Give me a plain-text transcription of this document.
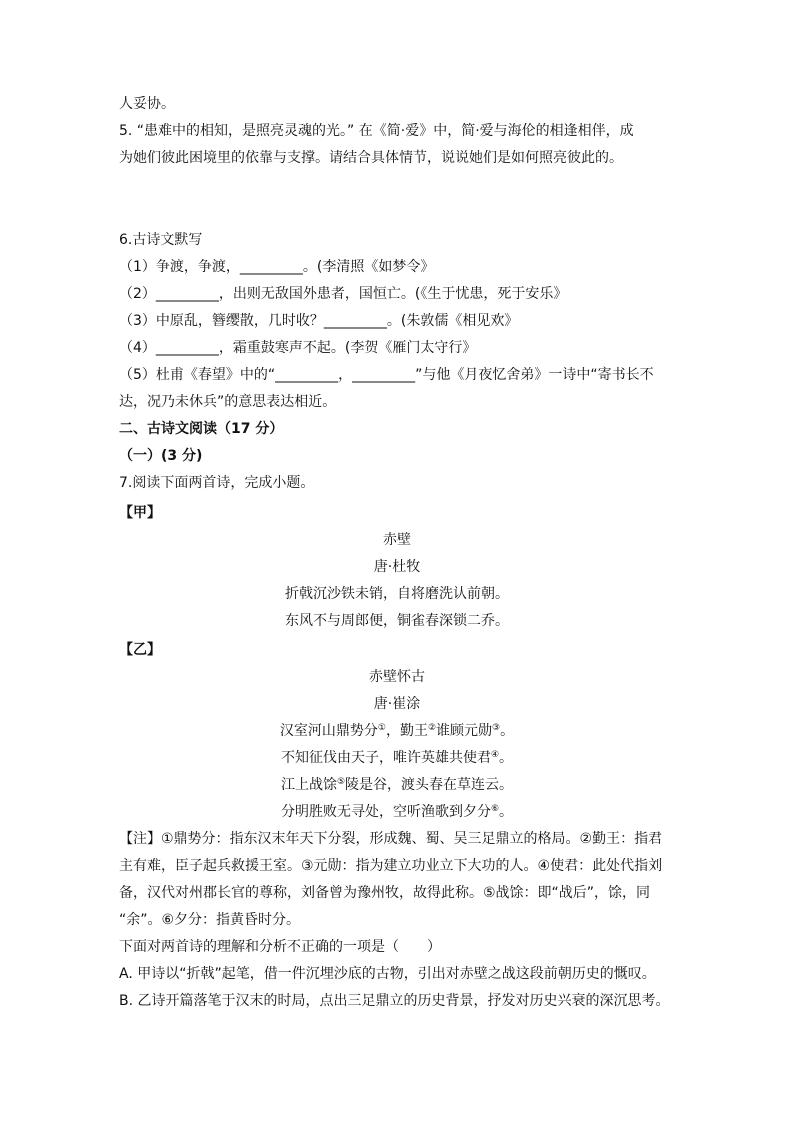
人妥协。
5. “患难中的相知，是照亮灵魂的光。” 在《简·爱》中，简·爱与海伦的相逢相伴，成
为她们彼此困境里的依靠与支撑。请结合具体情节，说说她们是如何照亮彼此的。
6.古诗文默写
（1）争渡，争渡，_________。(李清照《如梦令》
（2）_________，出则无敌国外患者，国恒亡。(《生于忧患，死于安乐》
（3）中原乱，簪缨散，几时收？_________。(朱敦儒《相见欢》
（4）_________，霜重鼓寒声不起。(李贺《雁门太守行》
（5）杜甫《春望》中的“_________，_________”与他《月夜忆舍弟》一诗中“寄书长不
达，况乃未休兵”的意思表达相近。
二、古诗文阅读（17 分）
（一）(3 分)
7.阅读下面两首诗，完成小题。
【甲】
赤壁
唐·杜牧
折戟沉沙铁未销，自将磨洗认前朝。
东风不与周郎便，铜雀春深锁二乔。
【乙】
赤壁怀古
唐·崔涂
汉室河山鼎势分①，勤王②谁顾元勋③。
不知征伐由天子，唯许英雄共使君④。
江上战馀⑤陵是谷，渡头春在草连云。
分明胜败无寻处，空听渔歌到夕分⑥。
【注】①鼎势分：指东汉末年天下分裂，形成魏、蜀、吴三足鼎立的格局。②勤王：指君
主有难，臣子起兵救援王室。③元勋：指为建立功业立下大功的人。④使君：此处代指刘
备，汉代对州郡长官的尊称，刘备曾为豫州牧，故得此称。⑤战馀：即“战后”，馀，同
“余”。⑥夕分：指黄昏时分。
下面对两首诗的理解和分析不正确的一项是（　　）
A. 甲诗以“折戟”起笔，借一件沉埋沙底的古物，引出对赤壁之战这段前朝历史的慨叹。
B. 乙诗开篇落笔于汉末的时局，点出三足鼎立的历史背景，抒发对历史兴衰的深沉思考。
